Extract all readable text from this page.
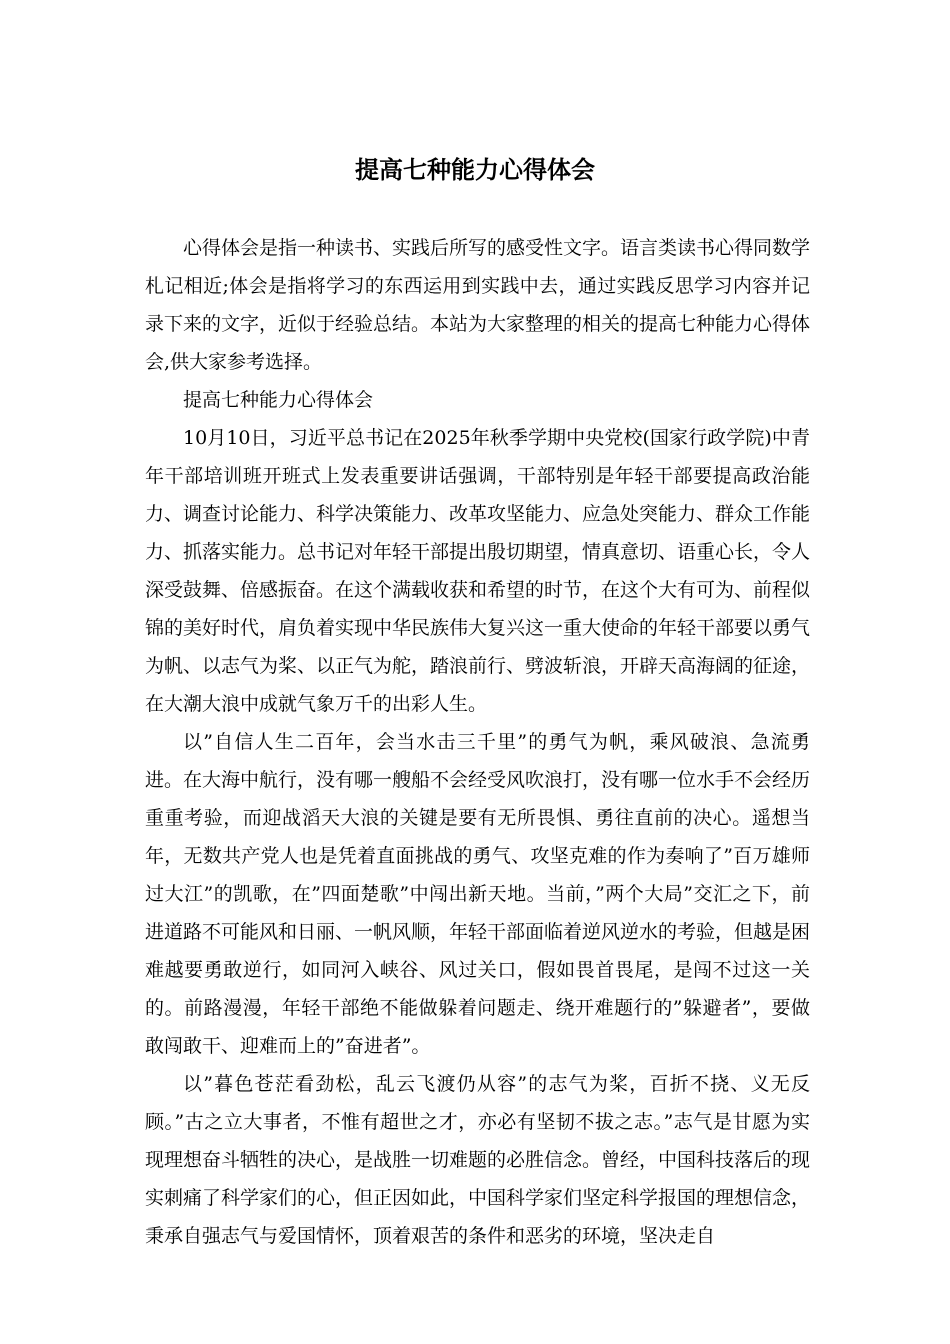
提高七种能力心得体会

心得体会是指一种读书、实践后所写的感受性文字。语言类读书心得同数学札记相近;体会是指将学习的东西运用到实践中去，通过实践反思学习内容并记录下来的文字，近似于经验总结。本站为大家整理的相关的提高七种能力心得体会,供大家参考选择。

提高七种能力心得体会

10月10日，习近平总书记在2025年秋季学期中央党校(国家行政学院)中青年干部培训班开班式上发表重要讲话强调，干部特别是年轻干部要提高政治能力、调查讨论能力、科学决策能力、改革攻坚能力、应急处突能力、群众工作能力、抓落实能力。总书记对年轻干部提出殷切期望，情真意切、语重心长，令人深受鼓舞、倍感振奋。在这个满载收获和希望的时节，在这个大有可为、前程似锦的美好时代，肩负着实现中华民族伟大复兴这一重大使命的年轻干部要以勇气为帆、以志气为桨、以正气为舵，踏浪前行、劈波斩浪，开辟天高海阔的征途，在大潮大浪中成就气象万千的出彩人生。

以”自信人生二百年，会当水击三千里”的勇气为帆，乘风破浪、急流勇进。在大海中航行，没有哪一艘船不会经受风吹浪打，没有哪一位水手不会经历重重考验，而迎战滔天大浪的关键是要有无所畏惧、勇往直前的决心。遥想当年，无数共产党人也是凭着直面挑战的勇气、攻坚克难的作为奏响了”百万雄师过大江”的凯歌，在”四面楚歌”中闯出新天地。当前，”两个大局”交汇之下，前进道路不可能风和日丽、一帆风顺，年轻干部面临着逆风逆水的考验，但越是困难越要勇敢逆行，如同河入峡谷、风过关口，假如畏首畏尾，是闯不过这一关的。前路漫漫，年轻干部绝不能做躲着问题走、绕开难题行的”躲避者”，要做敢闯敢干、迎难而上的”奋进者”。

以”暮色苍茫看劲松，乱云飞渡仍从容”的志气为桨，百折不挠、义无反顾。”古之立大事者，不惟有超世之才，亦必有坚韧不拔之志。”志气是甘愿为实现理想奋斗牺牲的决心，是战胜一切难题的必胜信念。曾经，中国科技落后的现实刺痛了科学家们的心，但正因如此，中国科学家们坚定科学报国的理想信念，秉承自强志气与爱国情怀，顶着艰苦的条件和恶劣的环境，坚决走自
